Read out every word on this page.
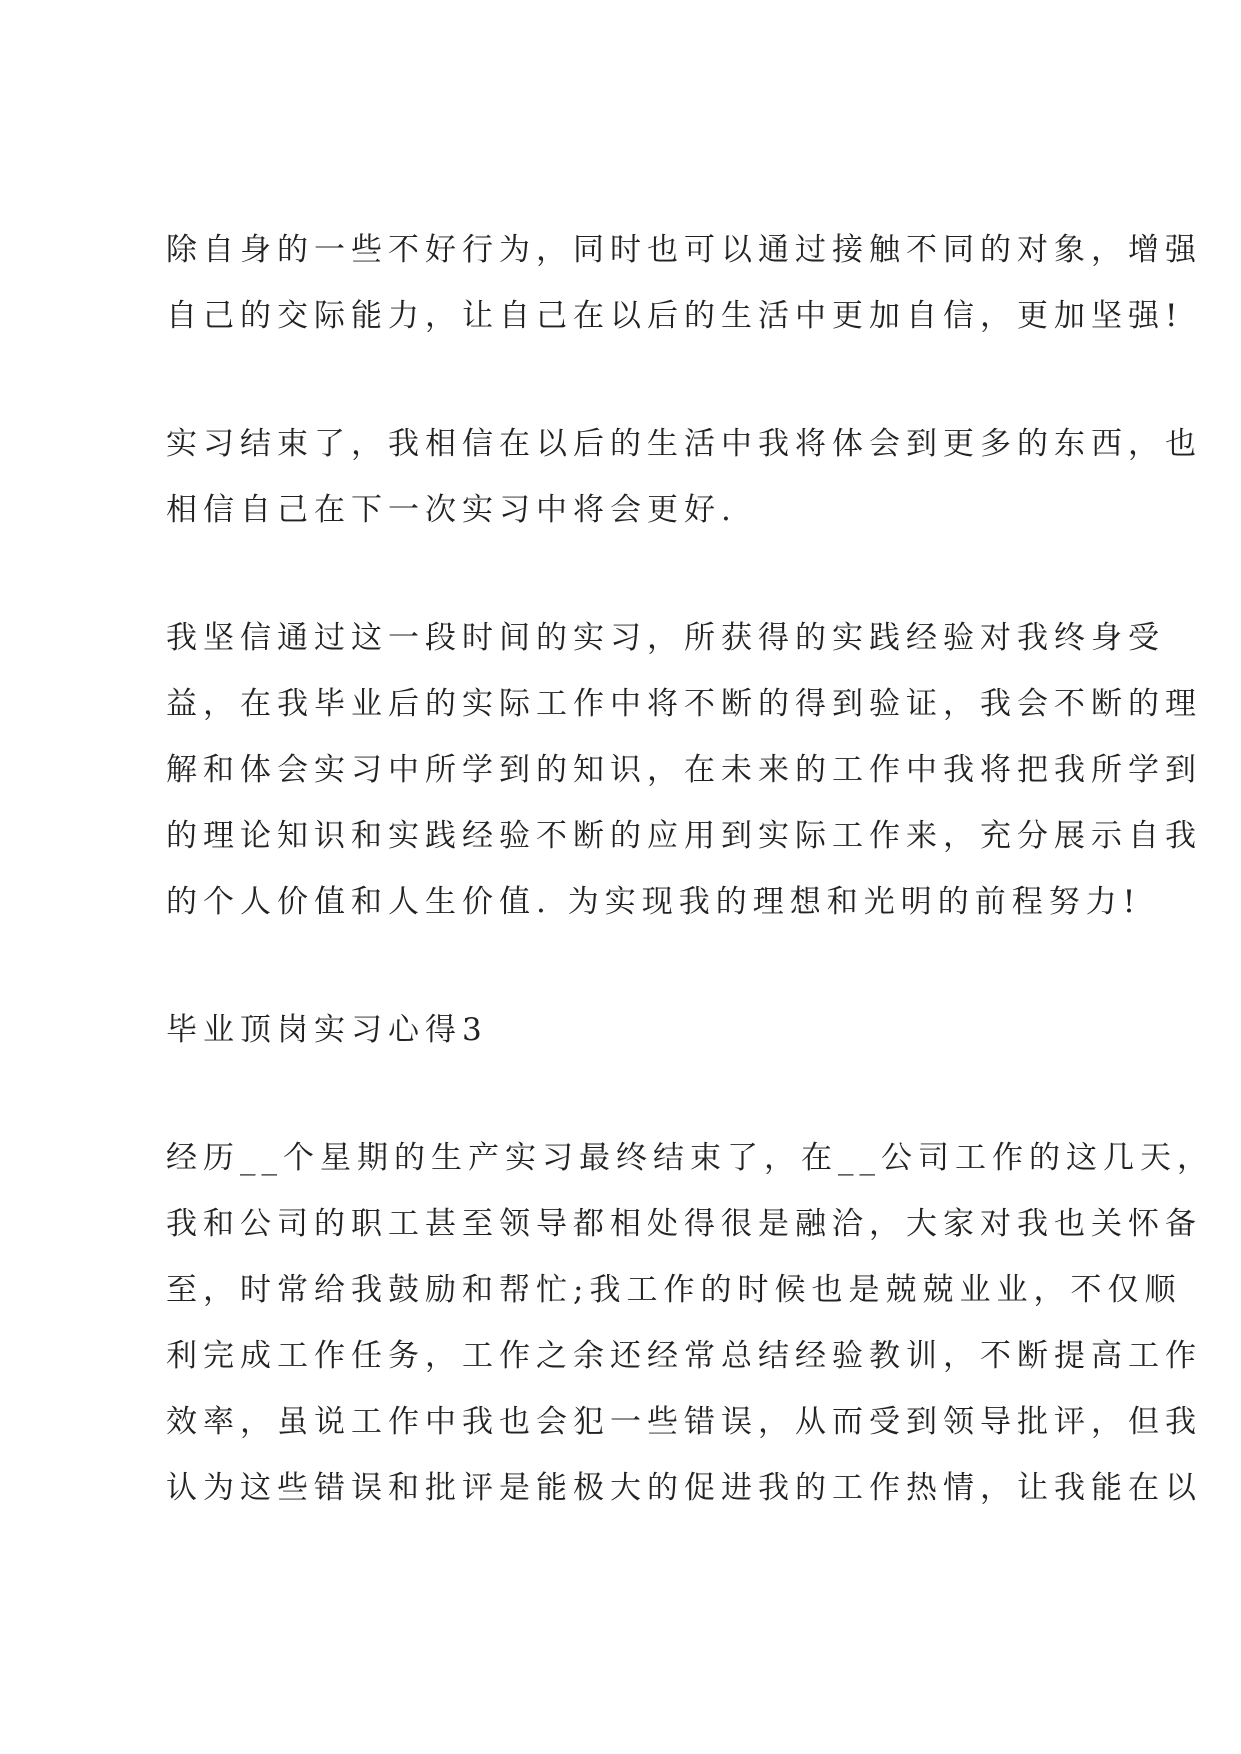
除自身的一些不好行为，同时也可以通过接触不同的对象，增强
自己的交际能力，让自己在以后的生活中更加自信，更加坚强!
实习结束了，我相信在以后的生活中我将体会到更多的东西，也
相信自己在下一次实习中将会更好.
我坚信通过这一段时间的实习，所获得的实践经验对我终身受
益，在我毕业后的实际工作中将不断的得到验证，我会不断的理
解和体会实习中所学到的知识，在未来的工作中我将把我所学到
的理论知识和实践经验不断的应用到实际工作来，充分展示自我
的个人价值和人生价值. 为实现我的理想和光明的前程努力!
毕业顶岗实习心得3
经历__个星期的生产实习最终结束了，在__公司工作的这几天，
我和公司的职工甚至领导都相处得很是融洽，大家对我也关怀备
至，时常给我鼓励和帮忙;我工作的时候也是兢兢业业，不仅顺
利完成工作任务，工作之余还经常总结经验教训，不断提高工作
效率，虽说工作中我也会犯一些错误，从而受到领导批评，但我
认为这些错误和批评是能极大的促进我的工作热情，让我能在以
